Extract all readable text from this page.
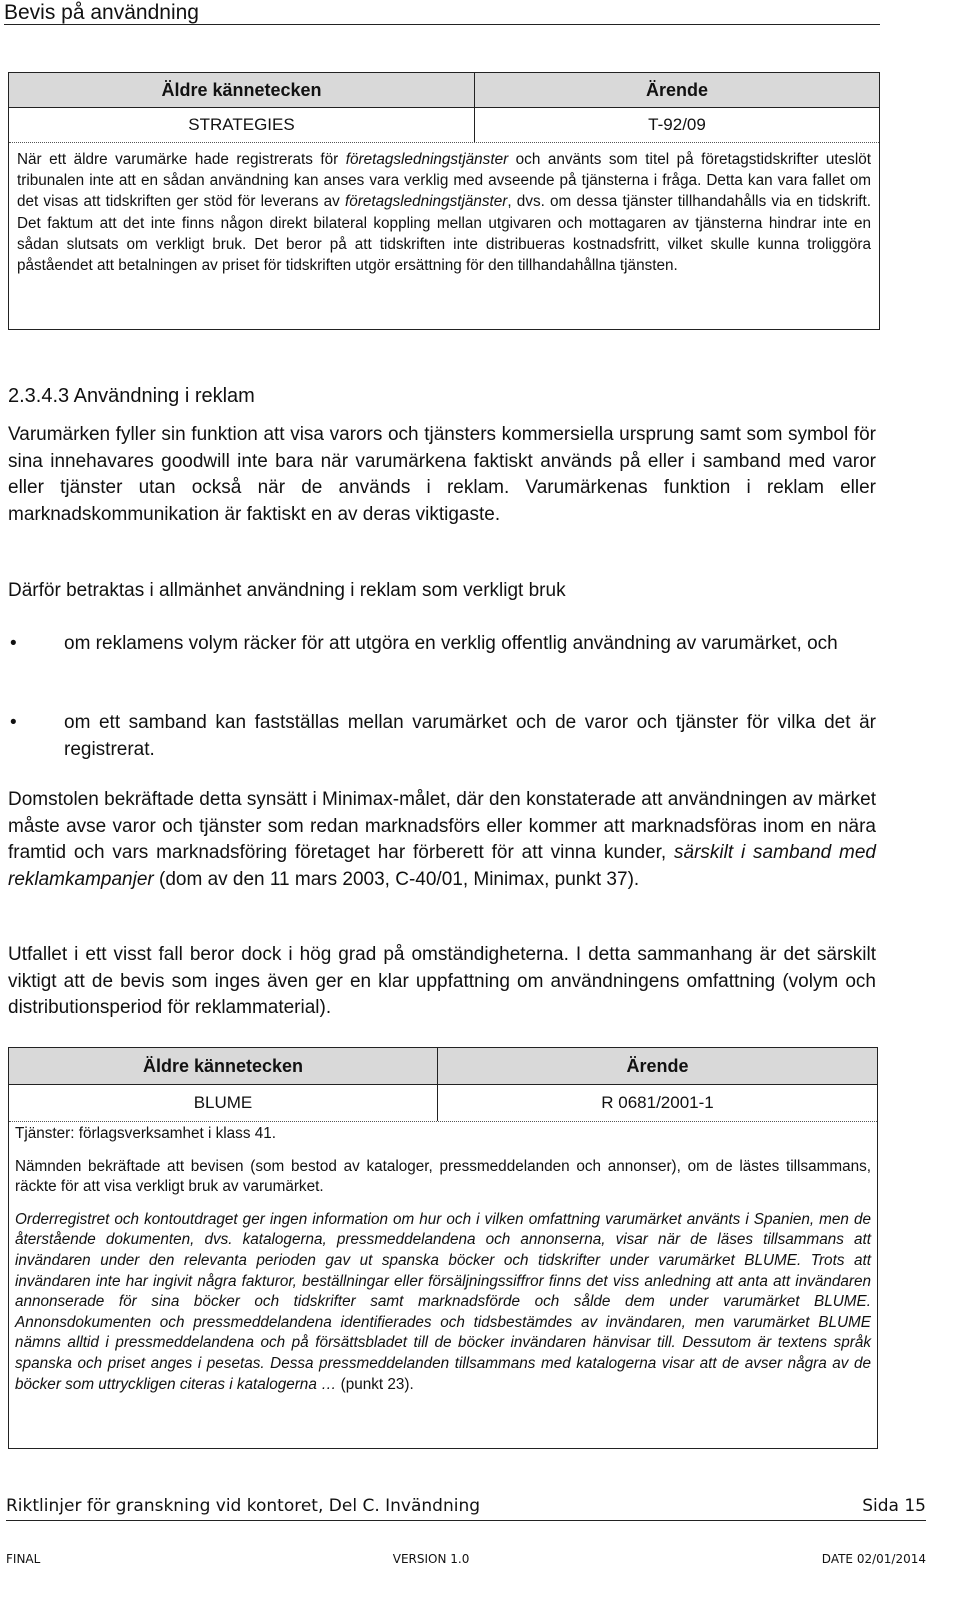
Bevis på användning
Äldre kännetecken	Ärende
STRATEGIES	T-92/09
När ett äldre varumärke hade registrerats för företagsledningstjänster och använts som titel på företagstidskrifter uteslöt tribunalen inte att en sådan användning kan anses vara verklig med avseende på tjänsterna i fråga. Detta kan vara fallet om det visas att tidskriften ger stöd för leverans av företagsledningstjänster, dvs. om dessa tjänster tillhandahålls via en tidskrift. Det faktum att det inte finns någon direkt bilateral koppling mellan utgivaren och mottagaren av tjänsterna hindrar inte en sådan slutsats om verkligt bruk. Det beror på att tidskriften inte distribueras kostnadsfritt, vilket skulle kunna troliggöra påståendet att betalningen av priset för tidskriften utgör ersättning för den tillhandahållna tjänsten.
2.3.4.3 Användning i reklam

Varumärken fyller sin funktion att visa varors och tjänsters kommersiella ursprung samt som symbol för sina innehavares goodwill inte bara när varumärkena faktiskt används på eller i samband med varor eller tjänster utan också när de används i reklam. Varumärkenas funktion i reklam eller marknadskommunikation är faktiskt en av deras viktigaste.

Därför betraktas i allmänhet användning i reklam som verkligt bruk

• om reklamens volym räcker för att utgöra en verklig offentlig användning av varumärket, och
• om ett samband kan fastställas mellan varumärket och de varor och tjänster för vilka det är registrerat.

Domstolen bekräftade detta synsätt i Minimax-målet, där den konstaterade att användningen av märket måste avse varor och tjänster som redan marknadsförs eller kommer att marknadsföras inom en nära framtid och vars marknadsföring företaget har förberett för att vinna kunder, särskilt i samband med reklamkampanjer (dom av den 11 mars 2003, C-40/01, Minimax, punkt 37).

Utfallet i ett visst fall beror dock i hög grad på omständigheterna. I detta sammanhang är det särskilt viktigt att de bevis som inges även ger en klar uppfattning om användningens omfattning (volym och distributionsperiod för reklammaterial).

Äldre kännetecken	Ärende
BLUME	R 0681/2001-1

Tjänster: förlagsverksamhet i klass 41.

Nämnden bekräftade att bevisen (som bestod av kataloger, pressmeddelanden och annonser), om de lästes tillsammans, räckte för att visa verkligt bruk av varumärket.

Orderregistret och kontoutdraget ger ingen information om hur och i vilken omfattning varumärket använts i Spanien, men de återstående dokumenten, dvs. katalogerna, pressmeddelandena och annonserna, visar när de läses tillsammans att invändaren under den relevanta perioden gav ut spanska böcker och tidskrifter under varumärket BLUME. Trots att invändaren inte har ingivit några fakturor, beställningar eller försäljningssiffror finns det viss anledning att anta att invändaren annonserade för sina böcker och tidskrifter samt marknadsförde och sålde dem under varumärket BLUME. Annonsdokumenten och pressmeddelandena identifierades och tidsbestämdes av invändaren, men varumärket BLUME nämns alltid i pressmeddelandena och på försättsbladet till de böcker invändaren hänvisar till. Dessutom är textens språk spanska och priset anges i pesetas. Dessa pressmeddelanden tillsammans med katalogerna visar att de avser några av de böcker som uttryckligen citeras i katalogerna … (punkt 23).

Riktlinjer för granskning vid kontoret, Del C. Invändning	Sida 15
FINAL	VERSION 1.0	DATE 02/01/2014
